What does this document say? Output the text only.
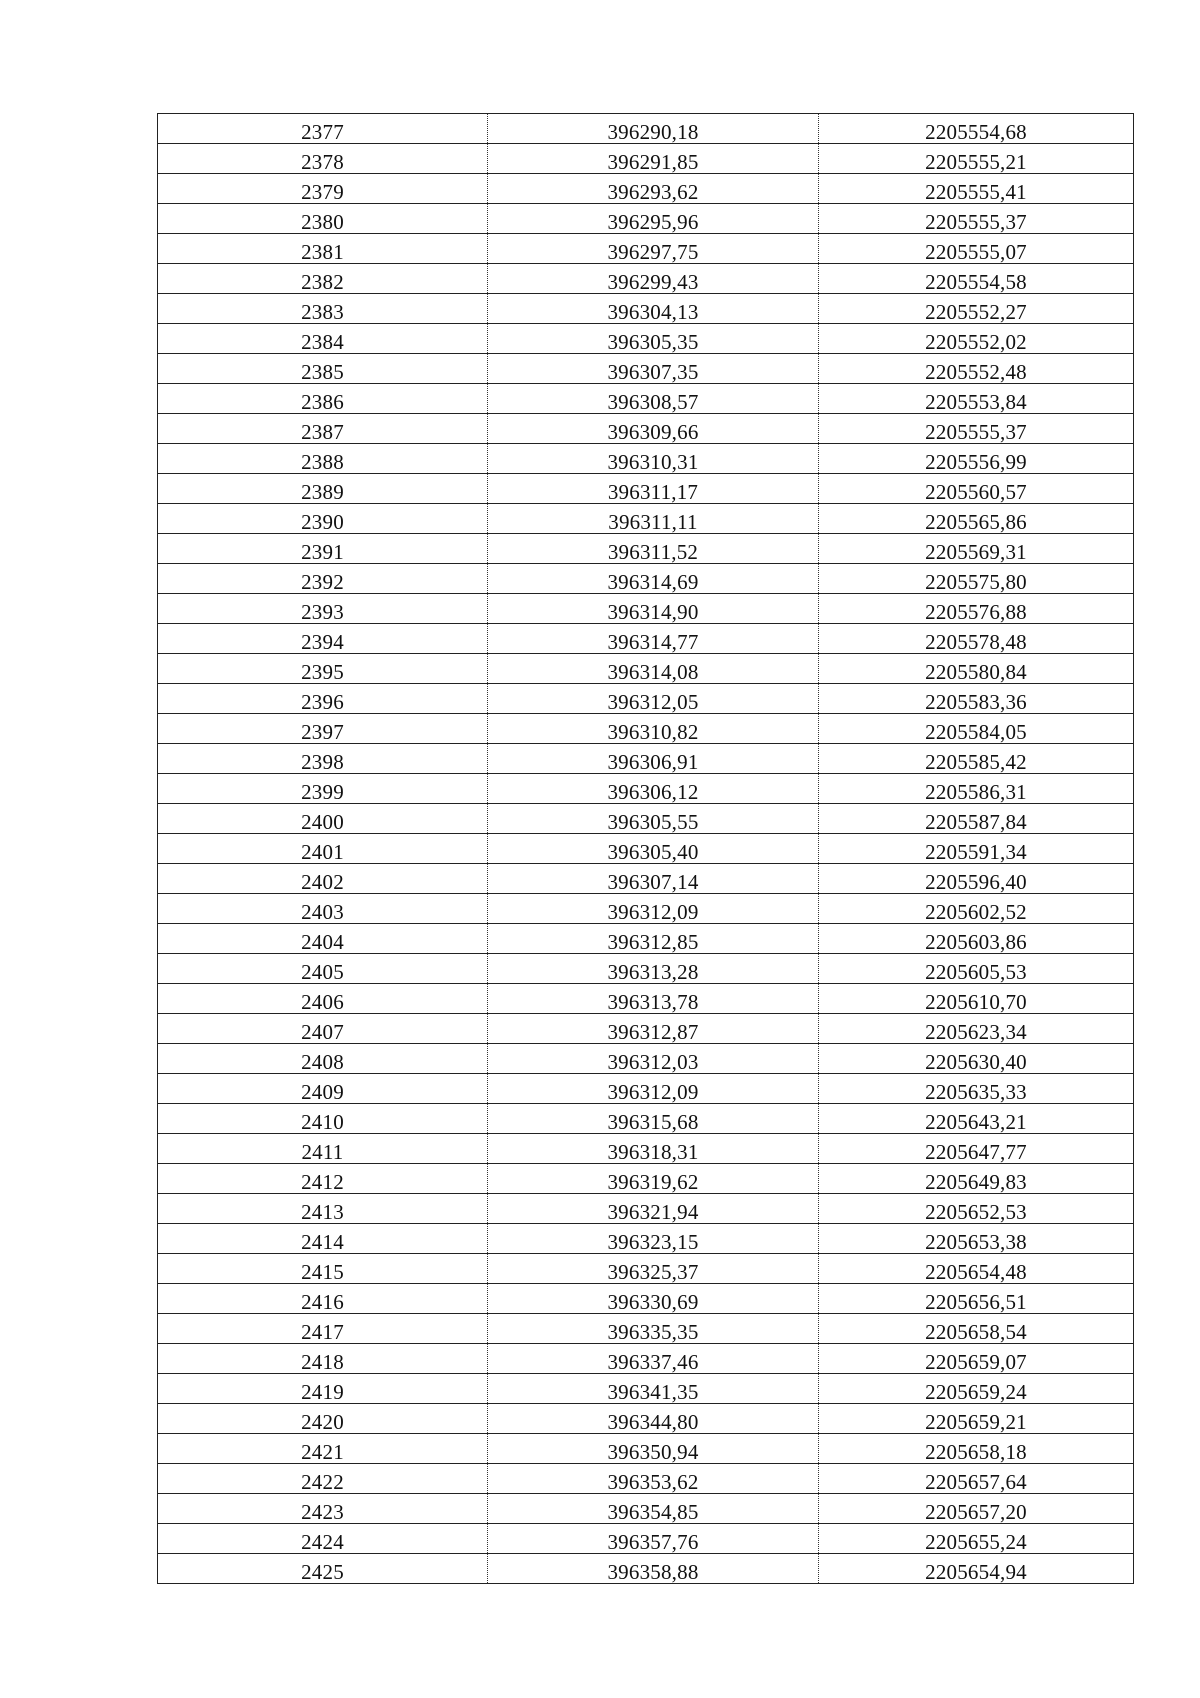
2377	396290,18	2205554,68
2378	396291,85	2205555,21
2379	396293,62	2205555,41
2380	396295,96	2205555,37
2381	396297,75	2205555,07
2382	396299,43	2205554,58
2383	396304,13	2205552,27
2384	396305,35	2205552,02
2385	396307,35	2205552,48
2386	396308,57	2205553,84
2387	396309,66	2205555,37
2388	396310,31	2205556,99
2389	396311,17	2205560,57
2390	396311,11	2205565,86
2391	396311,52	2205569,31
2392	396314,69	2205575,80
2393	396314,90	2205576,88
2394	396314,77	2205578,48
2395	396314,08	2205580,84
2396	396312,05	2205583,36
2397	396310,82	2205584,05
2398	396306,91	2205585,42
2399	396306,12	2205586,31
2400	396305,55	2205587,84
2401	396305,40	2205591,34
2402	396307,14	2205596,40
2403	396312,09	2205602,52
2404	396312,85	2205603,86
2405	396313,28	2205605,53
2406	396313,78	2205610,70
2407	396312,87	2205623,34
2408	396312,03	2205630,40
2409	396312,09	2205635,33
2410	396315,68	2205643,21
2411	396318,31	2205647,77
2412	396319,62	2205649,83
2413	396321,94	2205652,53
2414	396323,15	2205653,38
2415	396325,37	2205654,48
2416	396330,69	2205656,51
2417	396335,35	2205658,54
2418	396337,46	2205659,07
2419	396341,35	2205659,24
2420	396344,80	2205659,21
2421	396350,94	2205658,18
2422	396353,62	2205657,64
2423	396354,85	2205657,20
2424	396357,76	2205655,24
2425	396358,88	2205654,94
